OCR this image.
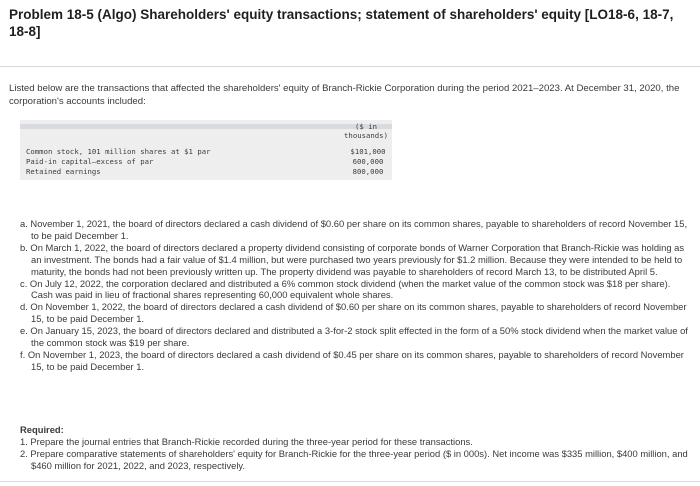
Problem 18-5 (Algo) Shareholders' equity transactions; statement of shareholders' equity [LO18-6, 18-7, 18-8]
Listed below are the transactions that affected the shareholders' equity of Branch-Rickie Corporation during the period 2021–2023. At December 31, 2020, the corporation's accounts included:
($ in
thousands)
Common stock, 101 million shares at $1 par	$101,000
Paid-in capital—excess of par	600,000
Retained earnings	800,000
a. November 1, 2021, the board of directors declared a cash dividend of $0.60 per share on its common shares, payable to shareholders of record November 15, to be paid December 1.
b. On March 1, 2022, the board of directors declared a property dividend consisting of corporate bonds of Warner Corporation that Branch-Rickie was holding as an investment. The bonds had a fair value of $1.4 million, but were purchased two years previously for $1.2 million. Because they were intended to be held to maturity, the bonds had not been previously written up. The property dividend was payable to shareholders of record March 13, to be distributed April 5.
c. On July 12, 2022, the corporation declared and distributed a 6% common stock dividend (when the market value of the common stock was $18 per share). Cash was paid in lieu of fractional shares representing 60,000 equivalent whole shares.
d. On November 1, 2022, the board of directors declared a cash dividend of $0.60 per share on its common shares, payable to shareholders of record November 15, to be paid December 1.
e. On January 15, 2023, the board of directors declared and distributed a 3-for-2 stock split effected in the form of a 50% stock dividend when the market value of the common stock was $19 per share.
f. On November 1, 2023, the board of directors declared a cash dividend of $0.45 per share on its common shares, payable to shareholders of record November 15, to be paid December 1.
Required:

1. Prepare the journal entries that Branch-Rickie recorded during the three-year period for these transactions.

2. Prepare comparative statements of shareholders' equity for Branch-Rickie for the three-year period ($ in 000s). Net income was $335 million, $400 million, and $460 million for 2021, 2022, and 2023, respectively.
